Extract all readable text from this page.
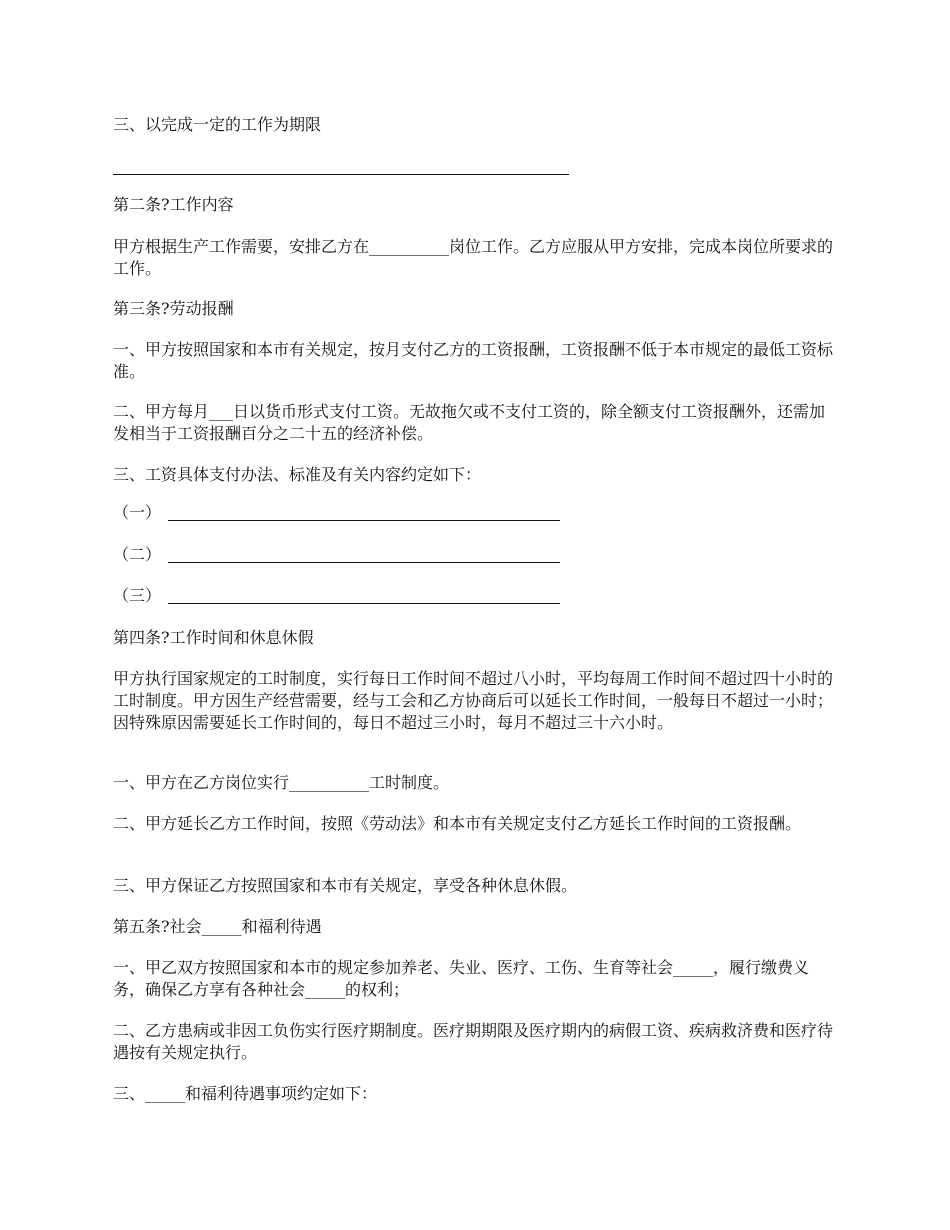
三、以完成一定的工作为期限

第二条?工作内容

甲方根据生产工作需要，安排乙方在__________岗位工作。乙方应服从甲方安排，完成本岗位所要求的工作。

第三条?劳动报酬

一、甲方按照国家和本市有关规定，按月支付乙方的工资报酬，工资报酬不低于本市规定的最低工资标准。

二、甲方每月___日以货币形式支付工资。无故拖欠或不支付工资的，除全额支付工资报酬外，还需加发相当于工资报酬百分之二十五的经济补偿。

三、工资具体支付办法、标准及有关内容约定如下：

（一）
（二）
（三）

第四条?工作时间和休息休假

甲方执行国家规定的工时制度，实行每日工作时间不超过八小时，平均每周工作时间不超过四十小时的工时制度。甲方因生产经营需要，经与工会和乙方协商后可以延长工作时间，一般每日不超过一小时；因特殊原因需要延长工作时间的，每日不超过三小时，每月不超过三十六小时。

一、甲方在乙方岗位实行__________工时制度。

二、甲方延长乙方工作时间，按照《劳动法》和本市有关规定支付乙方延长工作时间的工资报酬。

三、甲方保证乙方按照国家和本市有关规定，享受各种休息休假。

第五条?社会_____和福利待遇

一、甲乙双方按照国家和本市的规定参加养老、失业、医疗、工伤、生育等社会_____，履行缴费义务，确保乙方享有各种社会_____的权利；

二、乙方患病或非因工负伤实行医疗期制度。医疗期期限及医疗期内的病假工资、疾病救济费和医疗待遇按有关规定执行。

三、_____和福利待遇事项约定如下：
